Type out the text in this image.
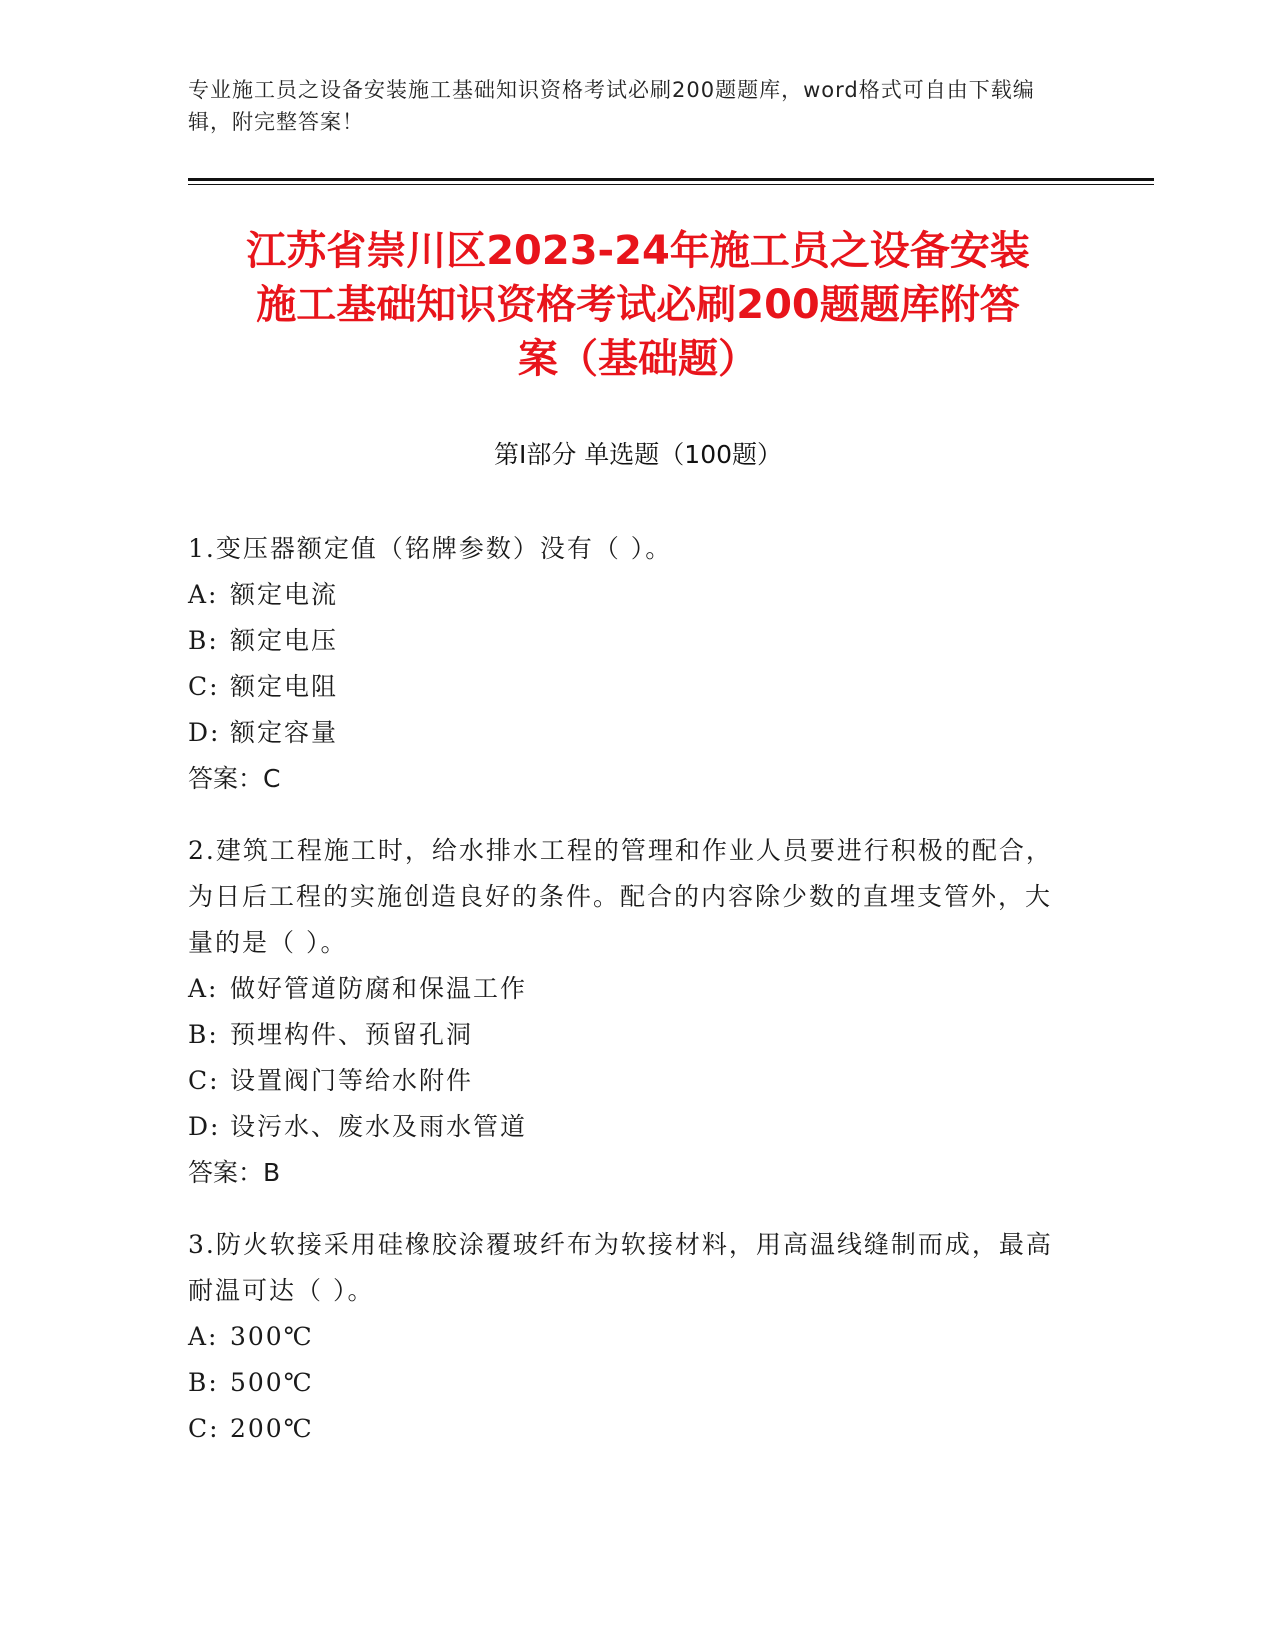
专业施工员之设备安装施工基础知识资格考试必刷200题题库，word格式可自由下载编辑，附完整答案！
江苏省崇川区2023-24年施工员之设备安装
施工基础知识资格考试必刷200题题库附答
案（基础题）
第Ⅰ部分 单选题（100题）
1.变压器额定值（铭牌参数）没有（ ）。
A: 额定电流
B: 额定电压
C: 额定电阻
D: 额定容量
答案：C
2.建筑工程施工时，给水排水工程的管理和作业人员要进行积极的配合，为日后工程的实施创造良好的条件。配合的内容除少数的直埋支管外，大量的是（ ）。
A: 做好管道防腐和保温工作
B: 预埋构件、预留孔洞
C: 设置阀门等给水附件
D: 设污水、废水及雨水管道
答案：B
3.防火软接采用硅橡胶涂覆玻纤布为软接材料，用高温线缝制而成，最高耐温可达（ ）。
A: 300℃
B: 500℃
C: 200℃
